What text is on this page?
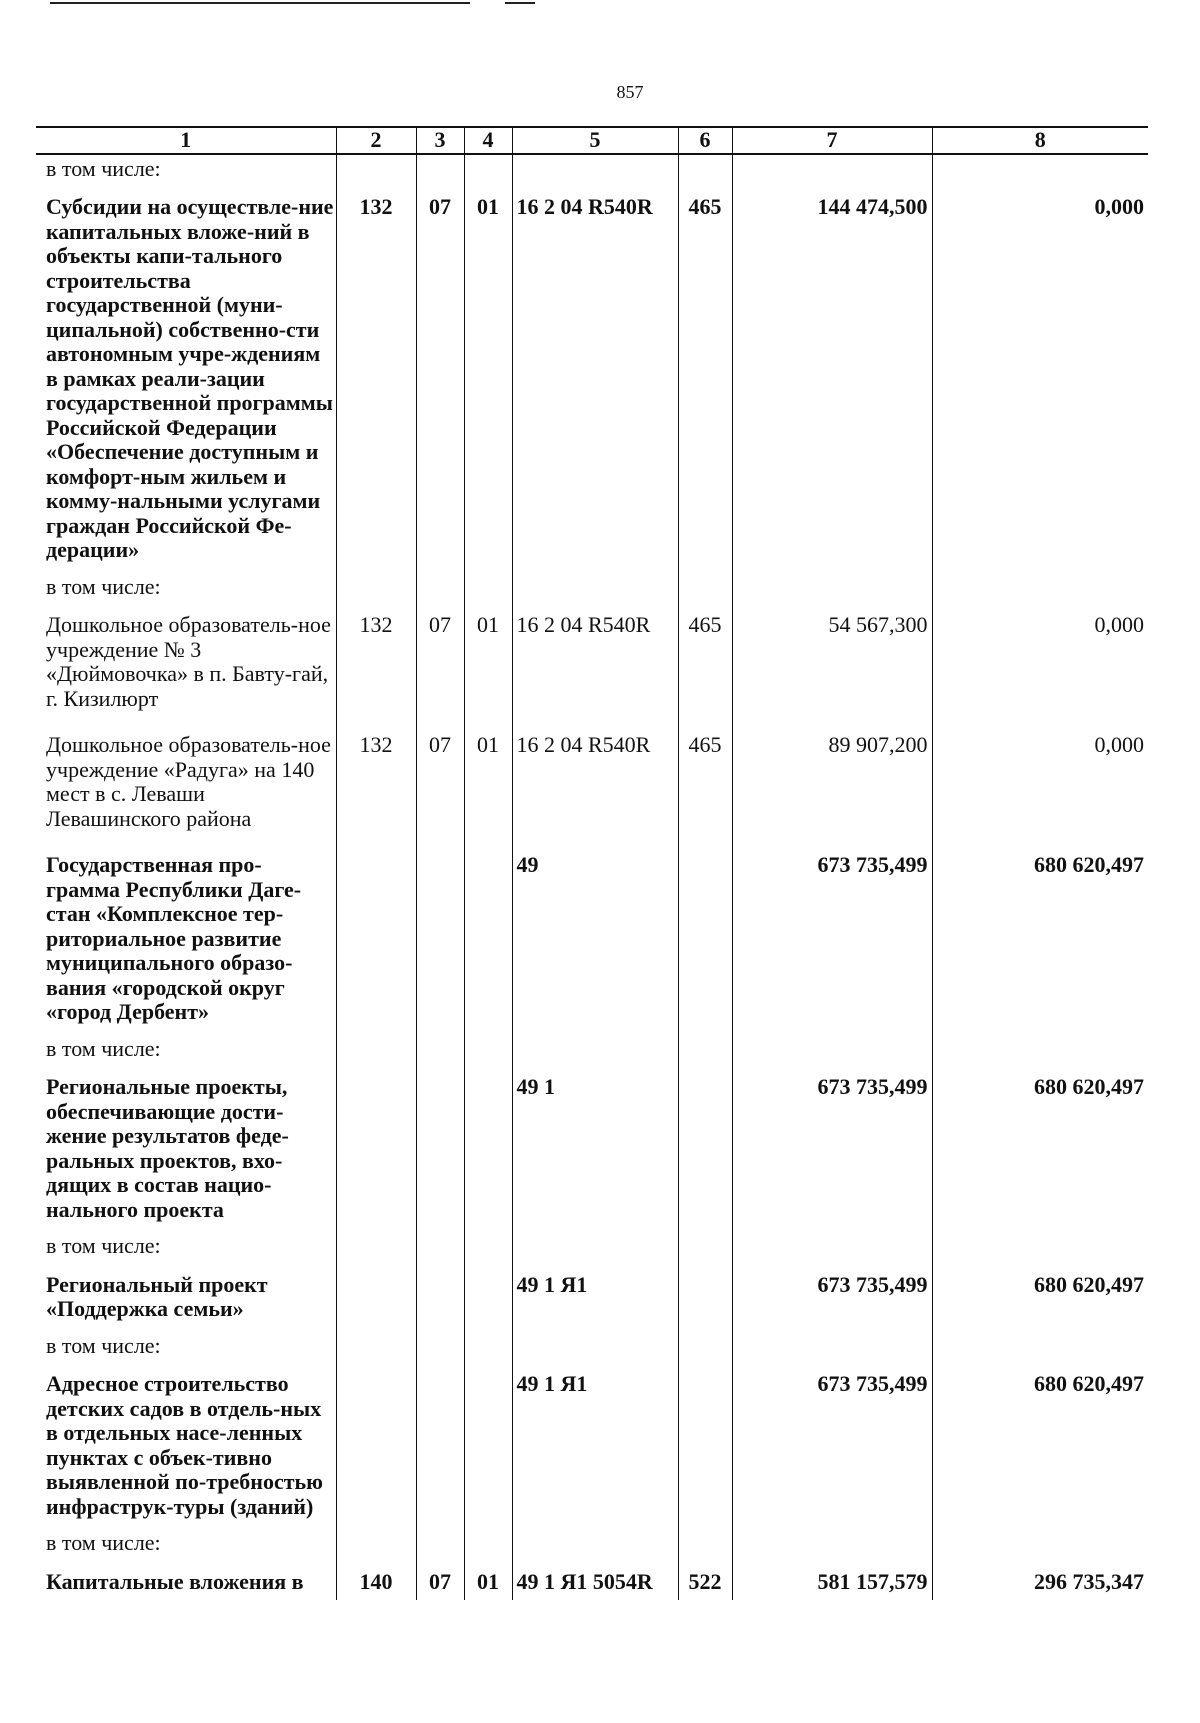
857
1	2	3	4	5	6	7	8
в том числе:							
Субсидии на осуществле-ние капитальных вложе-ний в объекты капи-тального строительства государственной (муни-ципальной) собственно-сти автономным учре-ждениям в рамках реали-зации государственной программы Российской Федерации «Обеспечение доступным и комфорт-ным жильем и комму-нальными услугами граждан Российской Фе-дерации»	132	07	01	16 2 04 R540R	465	144 474,500	0,000
в том числе:							
Дошкольное образователь-ное учреждение № 3 «Дюймовочка» в п. Бавту-гай, г. Кизилюрт	132	07	01	16 2 04 R540R	465	54 567,300	0,000
Дошкольное образователь-ное учреждение «Радуга» на 140 мест в с. Леваши Левашинского района	132	07	01	16 2 04 R540R	465	89 907,200	0,000
Государственная про-грамма Республики Даге-стан «Комплексное тер-риториальное развитие муниципального образо-вания «городской округ «город Дербент»				49		673 735,499	680 620,497
в том числе:							
Региональные проекты, обеспечивающие дости-жение результатов феде-ральных проектов, вхо-дящих в состав нацио-нального проекта				49 1		673 735,499	680 620,497
в том числе:							
Региональный проект «Поддержка семьи»				49 1 Я1		673 735,499	680 620,497
в том числе:							
Адресное строительство детских садов в отдель-ных в отдельных насе-ленных пунктах с объек-тивно выявленной по-требностью инфраструк-туры (зданий)				49 1 Я1		673 735,499	680 620,497
в том числе:							
Капитальные вложения в	140	07	01	49 1 Я1 5054R	522	581 157,579	296 735,347
